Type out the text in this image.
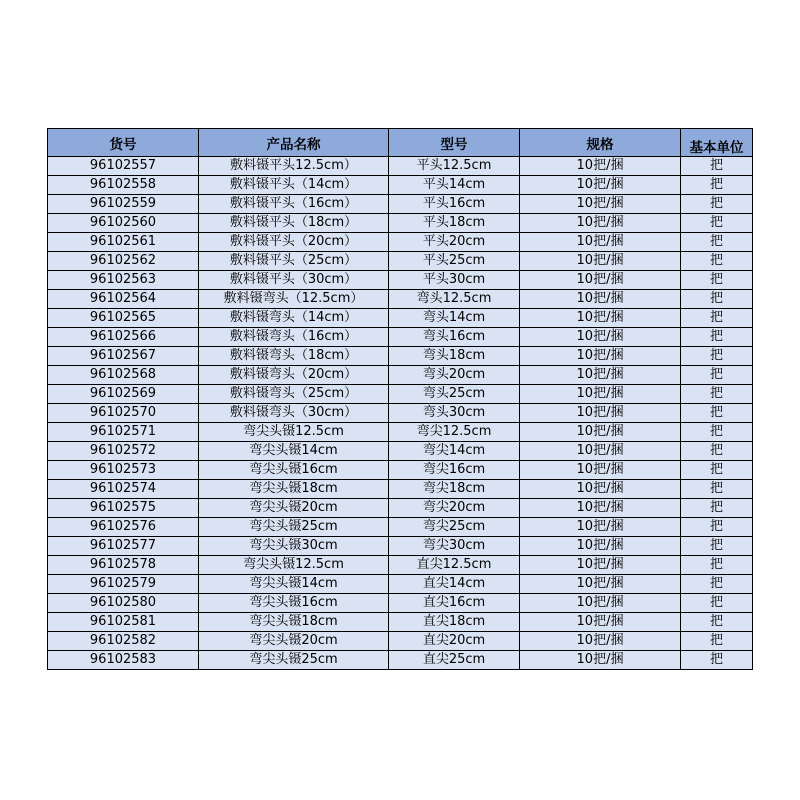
货号	产品名称	型号	规格	基本单位
96102557	敷料镊平头12.5cm）	平头12.5cm	10把/捆	把
96102558	敷料镊平头（14cm）	平头14cm	10把/捆	把
96102559	敷料镊平头（16cm）	平头16cm	10把/捆	把
96102560	敷料镊平头（18cm）	平头18cm	10把/捆	把
96102561	敷料镊平头（20cm）	平头20cm	10把/捆	把
96102562	敷料镊平头（25cm）	平头25cm	10把/捆	把
96102563	敷料镊平头（30cm）	平头30cm	10把/捆	把
96102564	敷料镊弯头（12.5cm）	弯头12.5cm	10把/捆	把
96102565	敷料镊弯头（14cm）	弯头14cm	10把/捆	把
96102566	敷料镊弯头（16cm）	弯头16cm	10把/捆	把
96102567	敷料镊弯头（18cm）	弯头18cm	10把/捆	把
96102568	敷料镊弯头（20cm）	弯头20cm	10把/捆	把
96102569	敷料镊弯头（25cm）	弯头25cm	10把/捆	把
96102570	敷料镊弯头（30cm）	弯头30cm	10把/捆	把
96102571	弯尖头镊12.5cm	弯尖12.5cm	10把/捆	把
96102572	弯尖头镊14cm	弯尖14cm	10把/捆	把
96102573	弯尖头镊16cm	弯尖16cm	10把/捆	把
96102574	弯尖头镊18cm	弯尖18cm	10把/捆	把
96102575	弯尖头镊20cm	弯尖20cm	10把/捆	把
96102576	弯尖头镊25cm	弯尖25cm	10把/捆	把
96102577	弯尖头镊30cm	弯尖30cm	10把/捆	把
96102578	弯尖头镊12.5cm	直尖12.5cm	10把/捆	把
96102579	弯尖头镊14cm	直尖14cm	10把/捆	把
96102580	弯尖头镊16cm	直尖16cm	10把/捆	把
96102581	弯尖头镊18cm	直尖18cm	10把/捆	把
96102582	弯尖头镊20cm	直尖20cm	10把/捆	把
96102583	弯尖头镊25cm	直尖25cm	10把/捆	把
